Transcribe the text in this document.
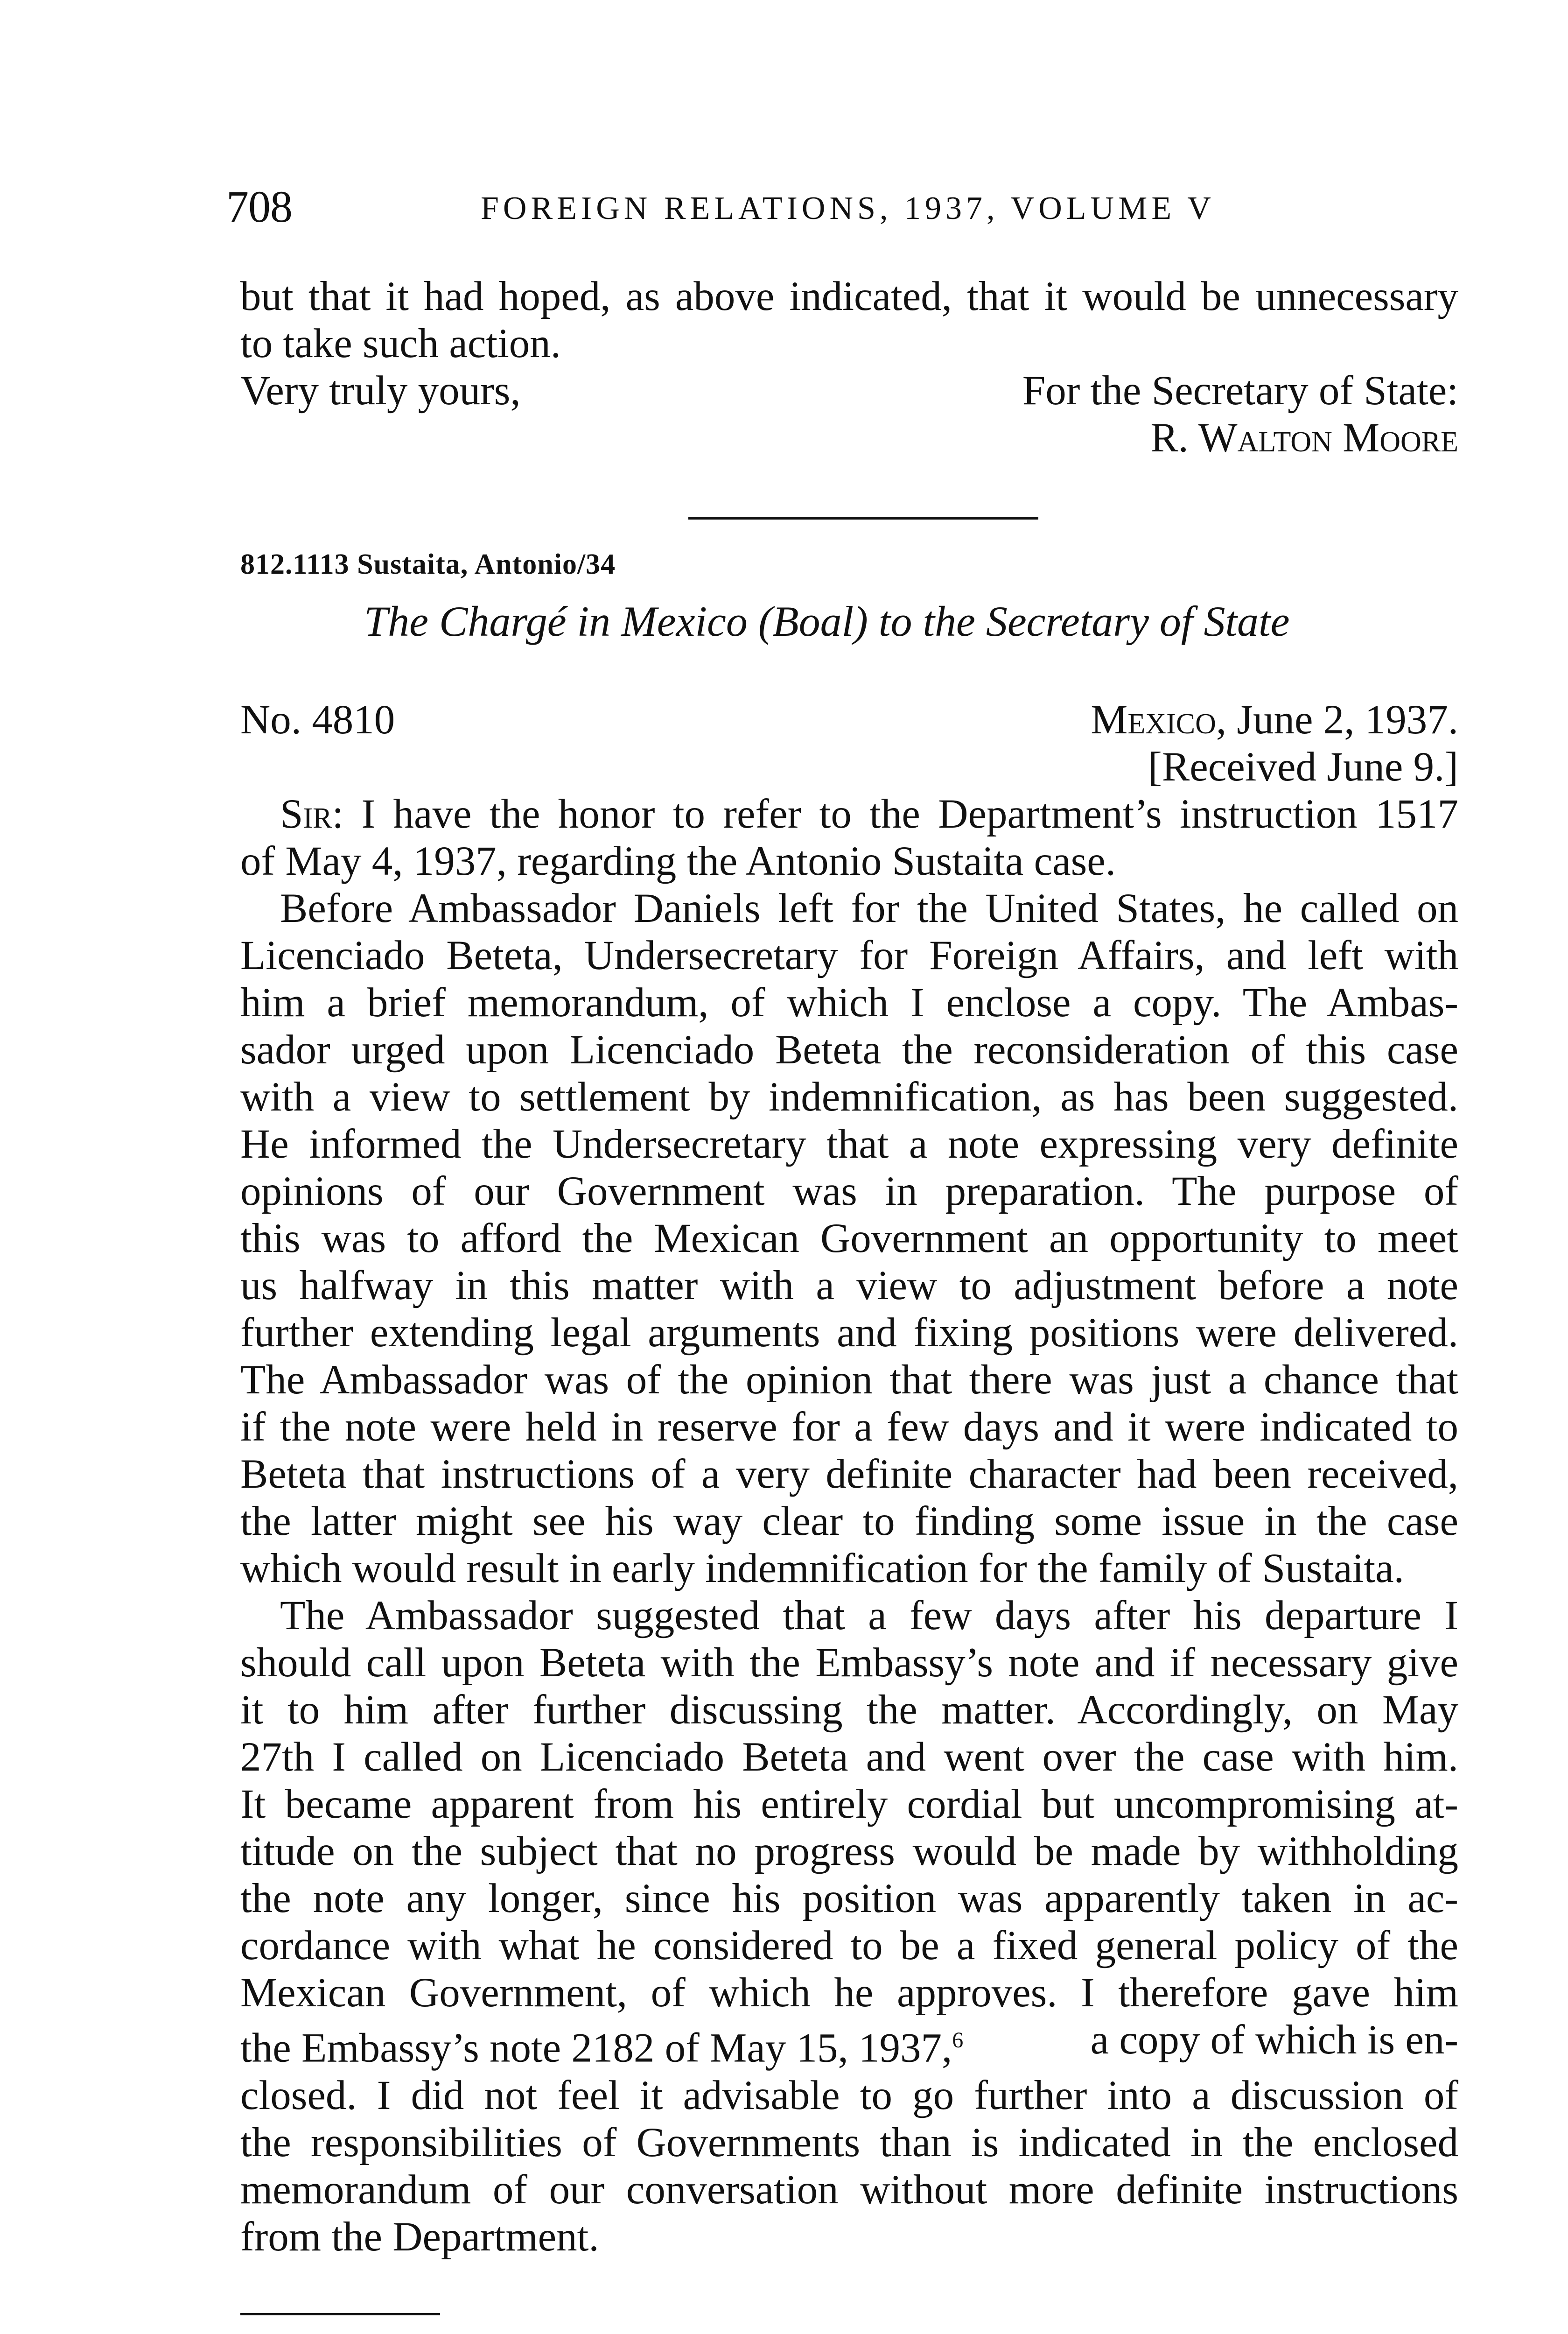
708	FOREIGN RELATIONS, 1937, VOLUME V
but that it had hoped, as above indicated, that it would be unnecessary
to take such action.
Very truly yours,	For the Secretary of State:
R. Walton Moore
812.1113 Sustaita, Antonio/34
The Chargé in Mexico (Boal) to the Secretary of State
No. 4810	Mexico, June 2, 1937.
[Received June 9.]
Sir: I have the honor to refer to the Department’s instruction 1517
of May 4, 1937, regarding the Antonio Sustaita case.
Before Ambassador Daniels left for the United States, he called on
Licenciado Beteta, Undersecretary for Foreign Affairs, and left with
him a brief memorandum, of which I enclose a copy. The Ambas-
sador urged upon Licenciado Beteta the reconsideration of this case
with a view to settlement by indemnification, as has been suggested.
He informed the Undersecretary that a note expressing very definite
opinions of our Government was in preparation. The purpose of
this was to afford the Mexican Government an opportunity to meet
us halfway in this matter with a view to adjustment before a note
further extending legal arguments and fixing positions were delivered.
The Ambassador was of the opinion that there was just a chance that
if the note were held in reserve for a few days and it were indicated to
Beteta that instructions of a very definite character had been received,
the latter might see his way clear to finding some issue in the case
which would result in early indemnification for the family of Sustaita.
The Ambassador suggested that a few days after his departure I
should call upon Beteta with the Embassy’s note and if necessary give
it to him after further discussing the matter. Accordingly, on May
27th I called on Licenciado Beteta and went over the case with him.
It became apparent from his entirely cordial but uncompromising at-
titude on the subject that no progress would be made by withholding
the note any longer, since his position was apparently taken in ac-
cordance with what he considered to be a fixed general policy of the
Mexican Government, of which he approves. I therefore gave him
the Embassy’s note 2182 of May 15, 1937,$^6$	a copy of which is en-
closed. I did not feel it advisable to go further into a discussion of
the responsibilities of Governments than is indicated in the enclosed
memorandum of our conversation without more definite instructions
from the Department.
